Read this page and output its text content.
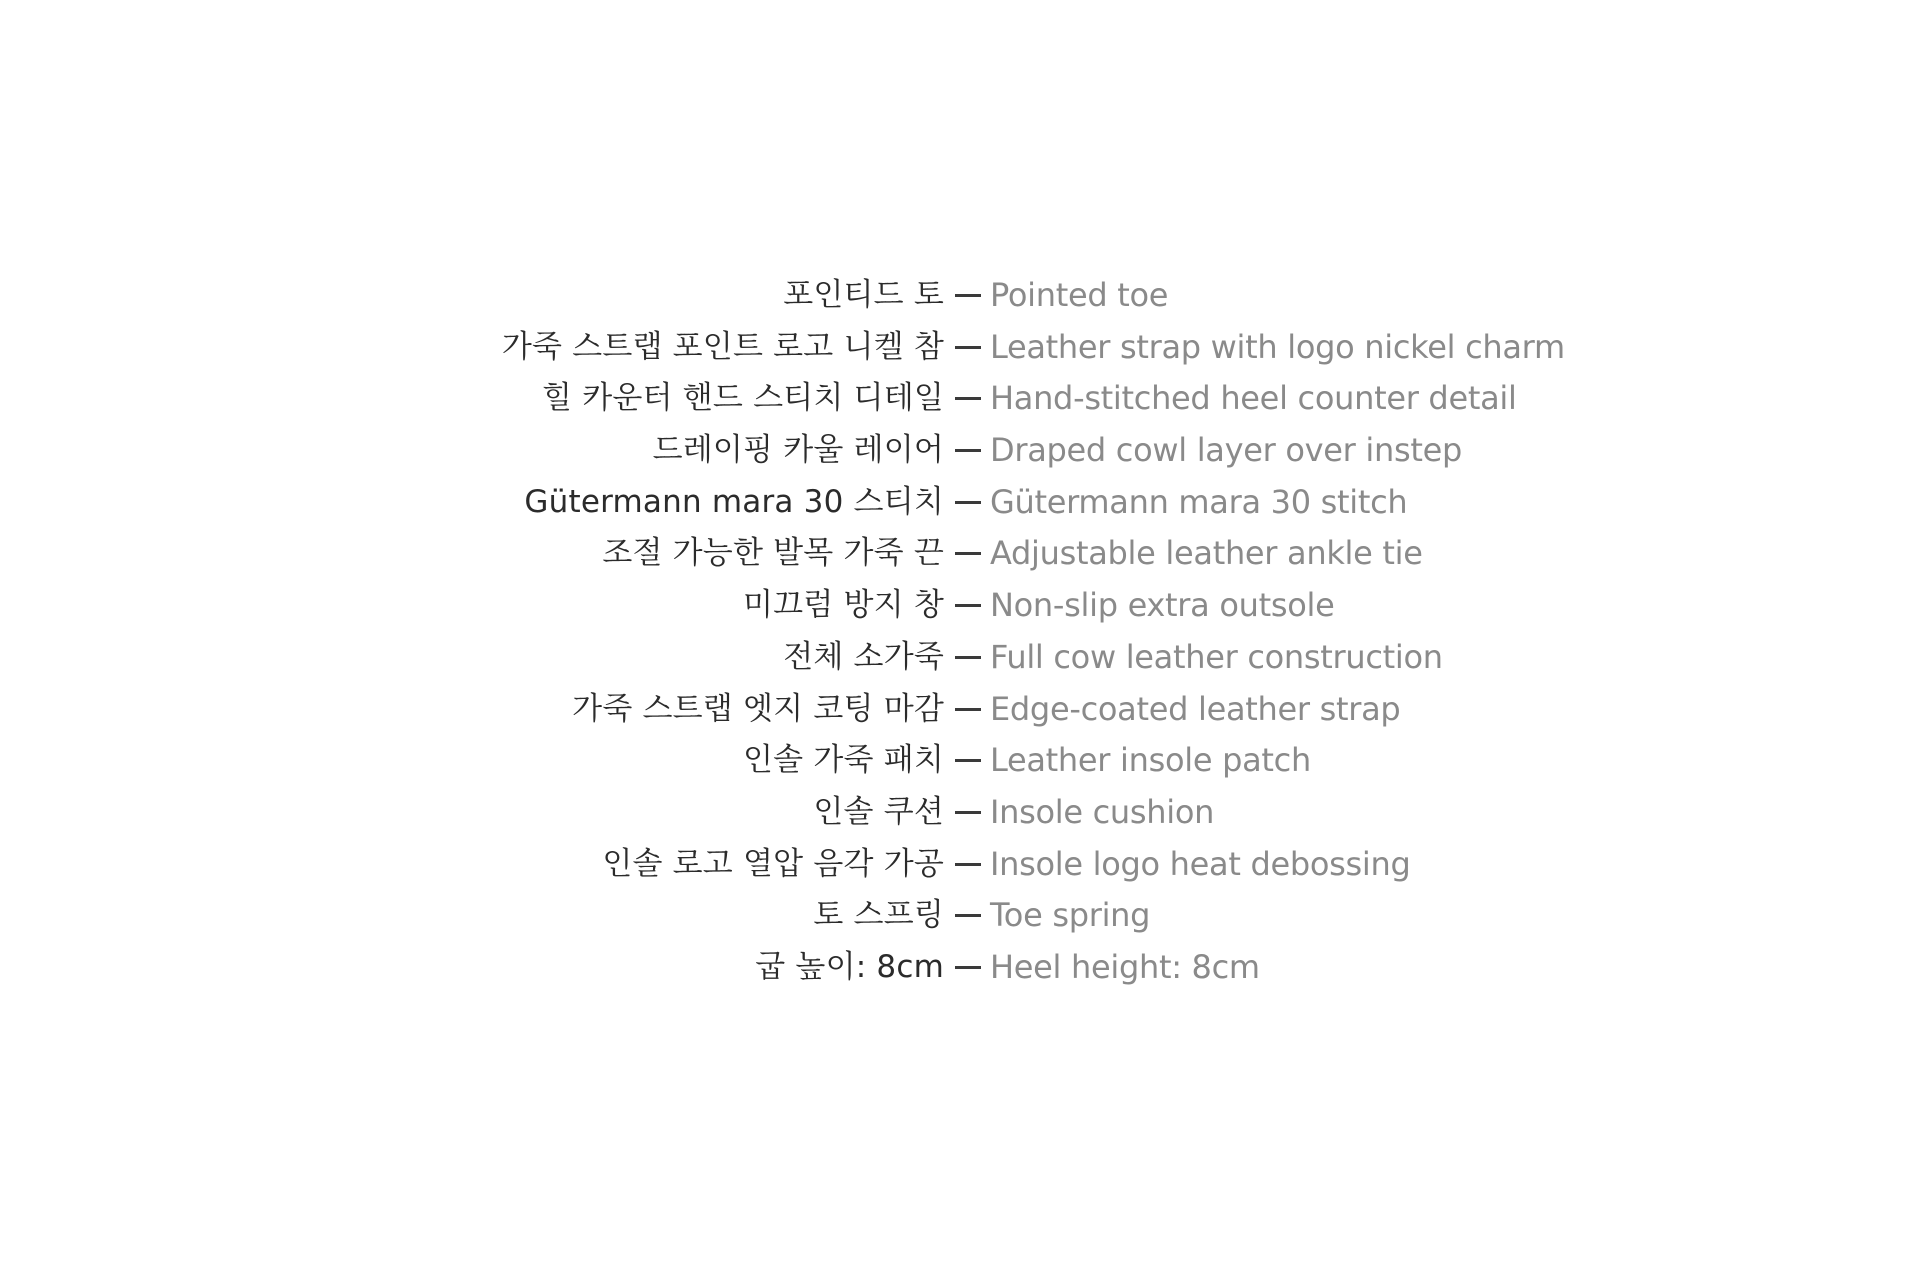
포인티드 토 Pointed toe
가죽 스트랩 포인트 로고 니켈 참 Leather strap with logo nickel charm
힐 카운터 핸드 스티치 디테일 Hand-stitched heel counter detail
드레이핑 카울 레이어 Draped cowl layer over instep
Gütermann mara 30 스티치 Gütermann mara 30 stitch
조절 가능한 발목 가죽 끈 Adjustable leather ankle tie
미끄럼 방지 창 Non-slip extra outsole
전체 소가죽 Full cow leather construction
가죽 스트랩 엣지 코팅 마감 Edge-coated leather strap
인솔 가죽 패치 Leather insole patch
인솔 쿠션 Insole cushion
인솔 로고 열압 음각 가공 Insole logo heat debossing
토 스프링 Toe spring
굽 높이: 8cm Heel height: 8cm
